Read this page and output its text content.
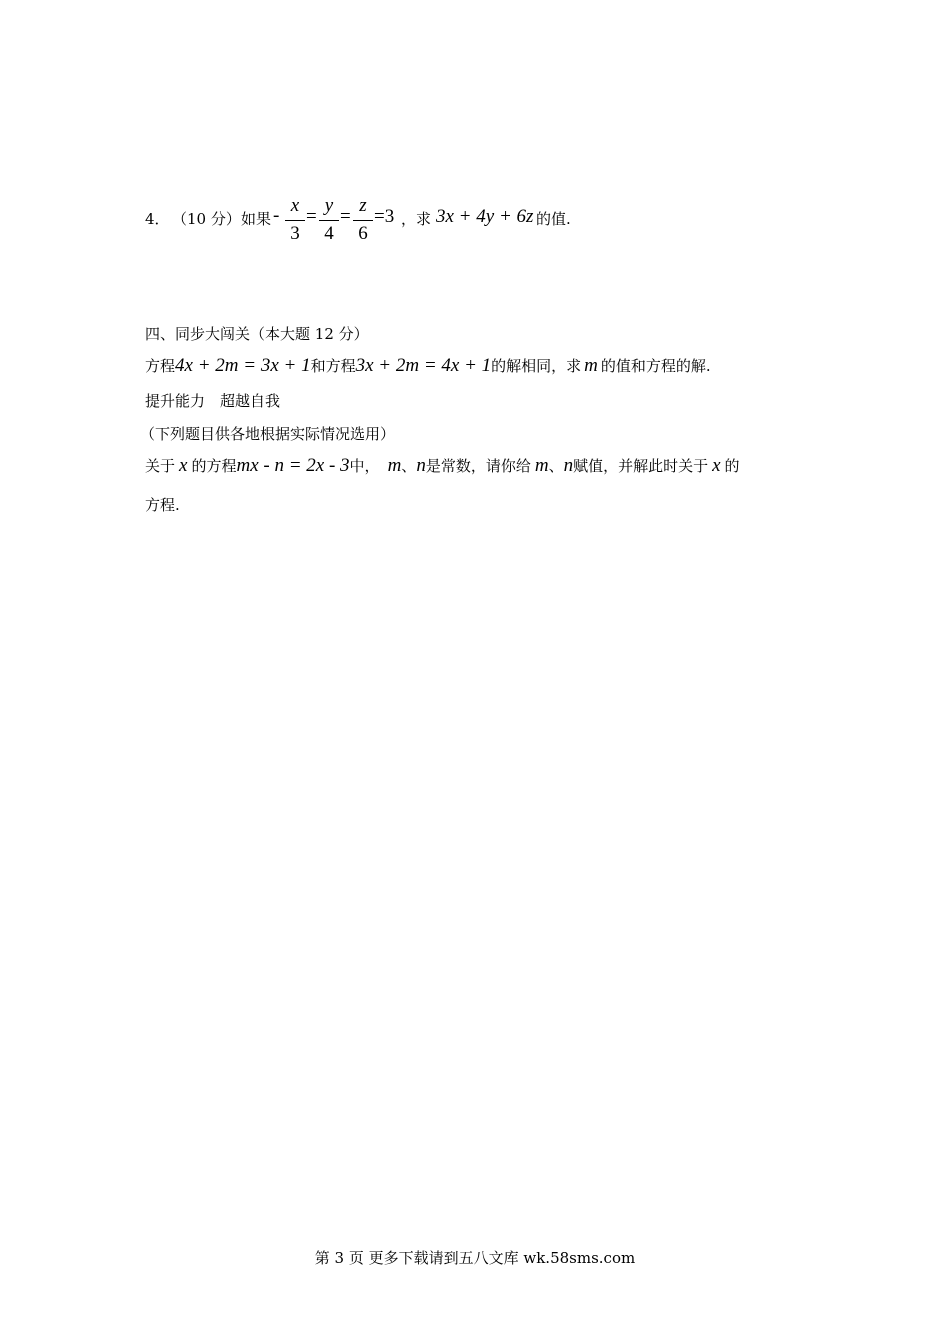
4． （10 分） 如果 - x
3
=
y
4
=
z
6
=3 ，求 3x + 4y + 6z 的值.
四、同步大闯关（本大题 12 分）
方程4x + 2m = 3x + 1和方程3x + 2m = 4x + 1的解相同，求 m 的值和方程的解.
提升能力　超越自我
（下列题目供各地根据实际情况选用）
关于 x 的方程mx - n = 2x - 3中， m、n是常数，请你给 m、n赋值，并解此时关于 x 的
方程.
第 3 页 更多下载请到五八文库 wk.58sms.com
